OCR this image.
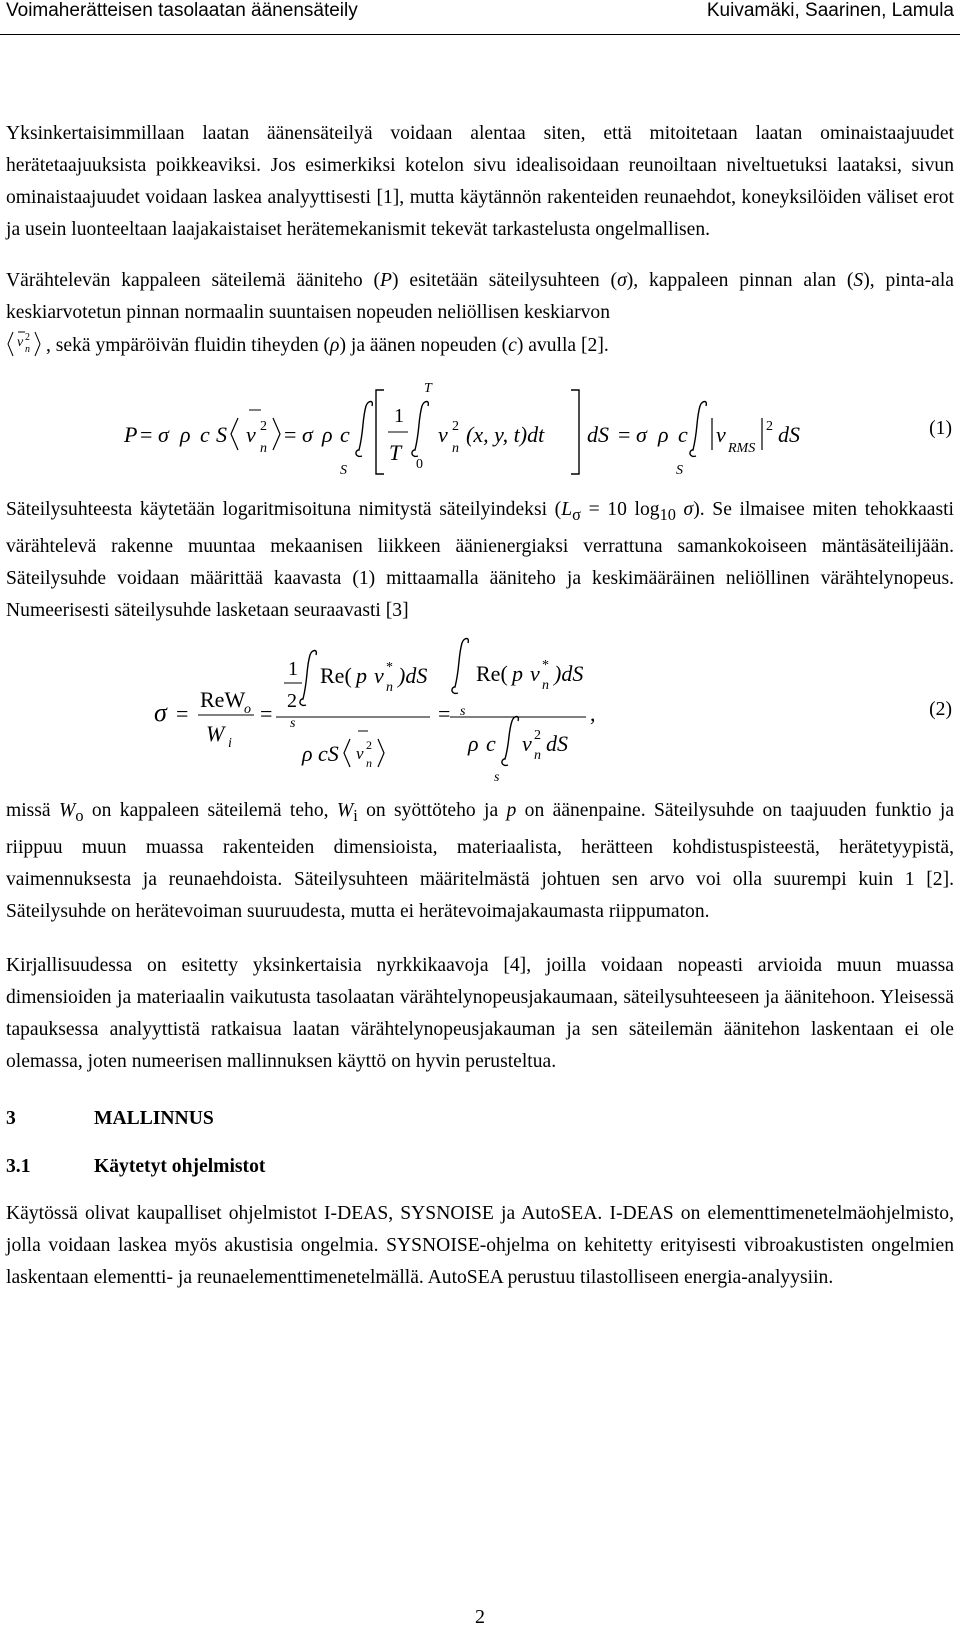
Voimaherätteisen tasolaatan äänensäteily	Kuivamäki, Saarinen, Lamula

Yksinkertaisimmillaan laatan äänensäteilyä voidaan alentaa siten, että mitoitetaan laatan ominaistaajuudet herätetaajuuksista poikkeaviksi. Jos esimerkiksi kotelon sivu idealisoidaan reunoiltaan niveltuetuksi laataksi, sivun ominaistaajuudet voidaan laskea analyyttisesti [1], mutta käytännön rakenteiden reunaehdot, koneyksilöiden väliset erot ja usein luonteeltaan laajakaistaiset herätemekanismit tekevät tarkastelusta ongelmallisen.

Värähtelevän kappaleen säteilemä ääniteho (P) esitetään säteilysuhteen (σ), kappaleen pinnan alan (S), pinta-ala keskiarvotetun pinnan normaalin suuntaisen nopeuden neliöllisen keskiarvon

v 2
n , sekä ympäröivän fluidin tiheyden (ρ) ja äänen nopeuden (c) avulla [2].

P = σ ρ c S v 2
n
= σ ρ c
S
1
T
T
0
v 2
n
(x, y, t)dt dS = σ ρ c
S
v
RMS
2 dS	(1)

Säteilysuhteesta käytetään logaritmisoituna nimitystä säteilyindeksi ($L_\sigma = 10$ $\log_{10} \sigma$). Se ilmaisee miten tehokkaasti värähtelevä rakenne muuntaa mekaanisen liikkeen äänienergiaksi verrattuna samankokoiseen mäntäsäteilijään. Säteilysuhde voidaan määrittää kaavasta (1) mittaamalla ääniteho ja keskimääräinen neliöllinen värähtelynopeus. Numeerisesti säteilysuhde lasketaan seuraavasti [3]

σ =
ReW
o
W i
=
1
2
s
Re( p v *
n )dS
ρ cS v 2
n
= s
Re( p v *
n )dS
ρ c
s
v 2
n dS
,	(2)

missä $W_o$ on kappaleen säteilemä teho, $W_i$ on syöttöteho ja p on äänenpaine. Säteilysuhde on taajuuden funktio ja riippuu muun muassa rakenteiden dimensioista, materiaalista, herätteen kohdistuspisteestä, herätetyypistä, vaimennuksesta ja reunaehdoista. Säteilysuhteen määritelmästä johtuen sen arvo voi olla suurempi kuin 1 [2]. Säteilysuhde on herätevoiman suuruudesta, mutta ei herätevoimajakaumasta riippumaton.

Kirjallisuudessa on esitetty yksinkertaisia nyrkkikaavoja [4], joilla voidaan nopeasti arvioida muun muassa dimensioiden ja materiaalin vaikutusta tasolaatan värähtelynopeusjakaumaan, säteilysuhteeseen ja äänitehoon. Yleisessä tapauksessa analyyttistä ratkaisua laatan värähtelynopeusjakauman ja sen säteilemän äänitehon laskentaan ei ole olemassa, joten numeerisen mallinnuksen käyttö on hyvin perusteltua.

3	MALLINNUS
3.1	Käytetyt ohjelmistot

Käytössä olivat kaupalliset ohjelmistot I-DEAS, SYSNOISE ja AutoSEA. I-DEAS on elementtimenetelmäohjelmisto, jolla voidaan laskea myös akustisia ongelmia. SYSNOISE-ohjelma on kehitetty erityisesti vibroakustisten ongelmien laskentaan elementti- ja reunaelementtimenetelmällä. AutoSEA perustuu tilastolliseen energia-analyysiin.

2
